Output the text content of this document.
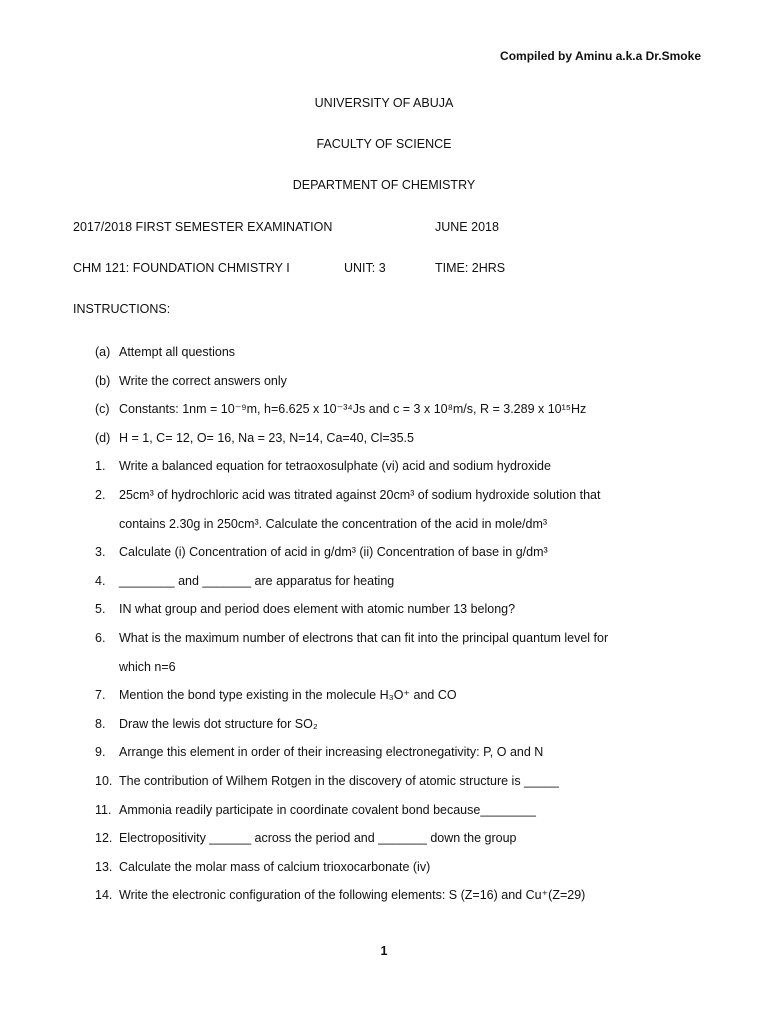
Compiled by Aminu a.k.a Dr.Smoke
UNIVERSITY OF ABUJA
FACULTY OF SCIENCE
DEPARTMENT OF CHEMISTRY
2017/2018 FIRST SEMESTER EXAMINATION	JUNE 2018
CHM 121: FOUNDATION CHMISTRY I	UNIT: 3	TIME: 2HRS
INSTRUCTIONS:
(a) Attempt all questions
(b) Write the correct answers only
(c) Constants: 1nm = 10⁻⁹m, h=6.625 x 10⁻³⁴Js and c = 3 x 10⁸m/s, R = 3.289 x 10¹⁵Hz
(d) H = 1, C= 12, O= 16, Na = 23, N=14, Ca=40, Cl=35.5
1. Write a balanced equation for tetraoxosulphate (vi) acid and sodium hydroxide
2. 25cm³ of hydrochloric acid was titrated against 20cm³ of sodium hydroxide solution that
contains 2.30g in 250cm³. Calculate the concentration of the acid in mole/dm³
3. Calculate (i) Concentration of acid in g/dm³ (ii) Concentration of base in g/dm³
4. ________ and _______ are apparatus for heating
5. IN what group and period does element with atomic number 13 belong?
6. What is the maximum number of electrons that can fit into the principal quantum level for
which n=6
7. Mention the bond type existing in the molecule H₃O⁺ and CO
8. Draw the lewis dot structure for SO₂
9. Arrange this element in order of their increasing electronegativity: P, O and N
10. The contribution of Wilhem Rotgen in the discovery of atomic structure is _____
11. Ammonia readily participate in coordinate covalent bond because________
12. Electropositivity ______ across the period and _______ down the group
13. Calculate the molar mass of calcium trioxocarbonate (iv)
14. Write the electronic configuration of the following elements: S (Z=16) and Cu⁺(Z=29)
1
